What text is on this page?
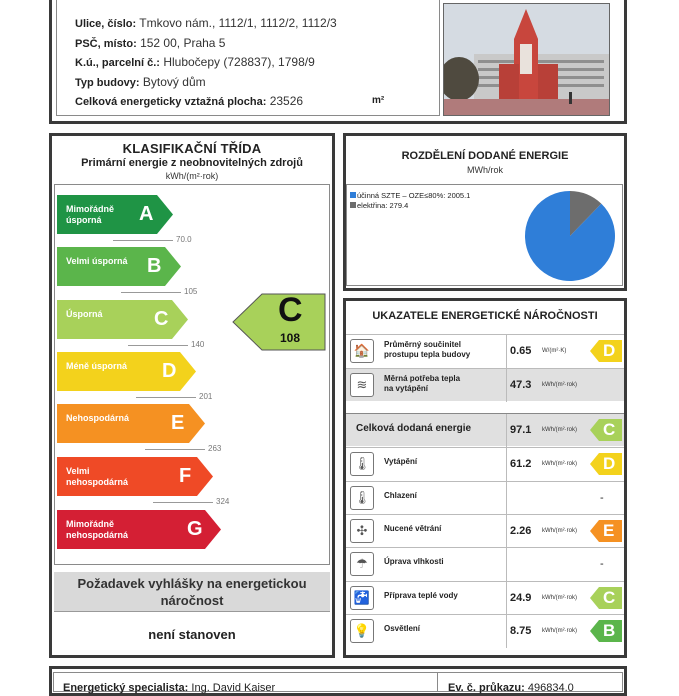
Ulice, číslo: Tmkovo nám., 1112/1, 1112/2, 1112/3
PSČ, místo: 152 00, Praha 5
K.ú., parcelní č.: Hlubočepy (728837), 1798/9
Typ budovy: Bytový dům
Celková energeticky vztažná plocha: 23526	m²
KLASIFIKAČNÍ TŘÍDA
Primární energie z neobnovitelných zdrojů
kWh/(m²·rok)
Mimořádně úsporná	A
70.0
Velmi úsporná B
105
Úsporná	C
140
Méně úsporná	D
201
Nehospodárná	E
263
Velmi nehospodárná	F
324
Mimořádně nehospodárná	G
C
108
Požadavek vyhlášky na energetickou náročnost
není stanoven
ROZDĚLENÍ DODANÉ ENERGIE
MWh/rok
účinná SZTE – OZE≤80%: 2005.1
elektřina: 279.4
UKAZATELE ENERGETICKÉ NÁROČNOSTI
🏠	Průměrný součinitel
prostupu tepla budovy	0.65 W/(m²·K) D
≋	Měrná potřeba tepla
na vytápění	47.3 kWh/(m²·rok)
Celková dodaná energie	97.1 kWh/(m²·rok) C
🌡	Vytápění	61.2 kWh/(m²·rok) D
🌡	Chlazení	-
✣	Nucené větrání	2.26 kWh/(m²·rok) E
☂	Úprava vlhkosti	-
🚰	Příprava teplé vody	24.9 kWh/(m²·rok) C
💡	Osvětlení	8.75 kWh/(m²·rok) B
Energetický specialista: Ing. David Kaiser	Ev. č. průkazu: 496834.0
